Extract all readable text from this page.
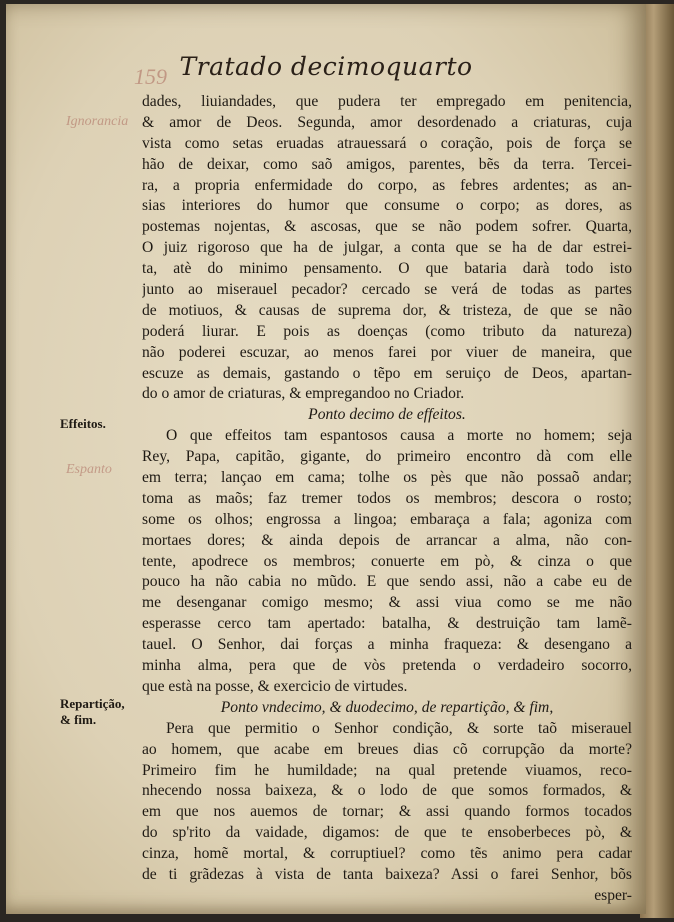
159
Ignorancia
Espanto
Tratado decimoquarto
Effeitos.
Repartição,
& fim.
dades, liuiandades, que pudera ter empregado em penitencia,
& amor de Deos. Segunda, amor desordenado a criaturas, cuja
vista como setas eruadas atrauessará o coração, pois de força se
hão de deixar, como saõ amigos, parentes, bẽs da terra. Tercei-
ra, a propria enfermidade do corpo, as febres ardentes; as an-
sias interiores do humor que consume o corpo; as dores, as
postemas nojentas, & ascosas, que se não podem sofrer. Quarta,
O juiz rigoroso que ha de julgar, a conta que se ha de dar estrei-
ta, atè do minimo pensamento. O que bataria darà todo isto
junto ao miserauel pecador? cercado se verá de todas as partes
de motiuos, & causas de suprema dor, & tristeza, de que se não
poderá liurar. E pois as doenças (como tributo da natureza)
não poderei escuzar, ao menos farei por viuer de maneira, que
escuze as demais, gastando o tẽpo em seruiço de Deos, apartan-
do o amor de criaturas, & empregandoo no Criador.
Ponto decimo de effeitos.
O que effeitos tam espantosos causa a morte no homem; seja
Rey, Papa, capitão, gigante, do primeiro encontro dà com elle
em terra; lançao em cama; tolhe os pès que não possaõ andar;
toma as maõs; faz tremer todos os membros; descora o rosto;
some os olhos; engrossa a lingoa; embaraça a fala; agoniza com
mortaes dores; & ainda depois de arrancar a alma, não con-
tente, apodrece os membros; conuerte em pò, & cinza o que
pouco ha não cabia no mũdo. E que sendo assi, não a cabe eu de
me desenganar comigo mesmo; & assi viua como se me não
esperasse cerco tam apertado: batalha, & destruição tam lamẽ-
tauel. O Senhor, dai forças a minha fraqueza: & desengano a
minha alma, pera que de vòs pretenda o verdadeiro socorro,
que està na posse, & exercicio de virtudes.
Ponto vndecimo, & duodecimo, de repartição, & fim,
Pera que permitio o Senhor condição, & sorte taõ miserauel
ao homem, que acabe em breues dias cõ corrupção da morte?
Primeiro fim he humildade; na qual pretende viuamos, reco-
nhecendo nossa baixeza, & o lodo de que somos formados, &
em que nos auemos de tornar; & assi quando formos tocados
do sp'rito da vaidade, digamos: de que te ensoberbeces pò, &
cinza, homẽ mortal, & corruptiuel? como tẽs animo pera cadar
de ti grãdezas à vista de tanta baixeza? Assi o farei Senhor, bõs
esper-
